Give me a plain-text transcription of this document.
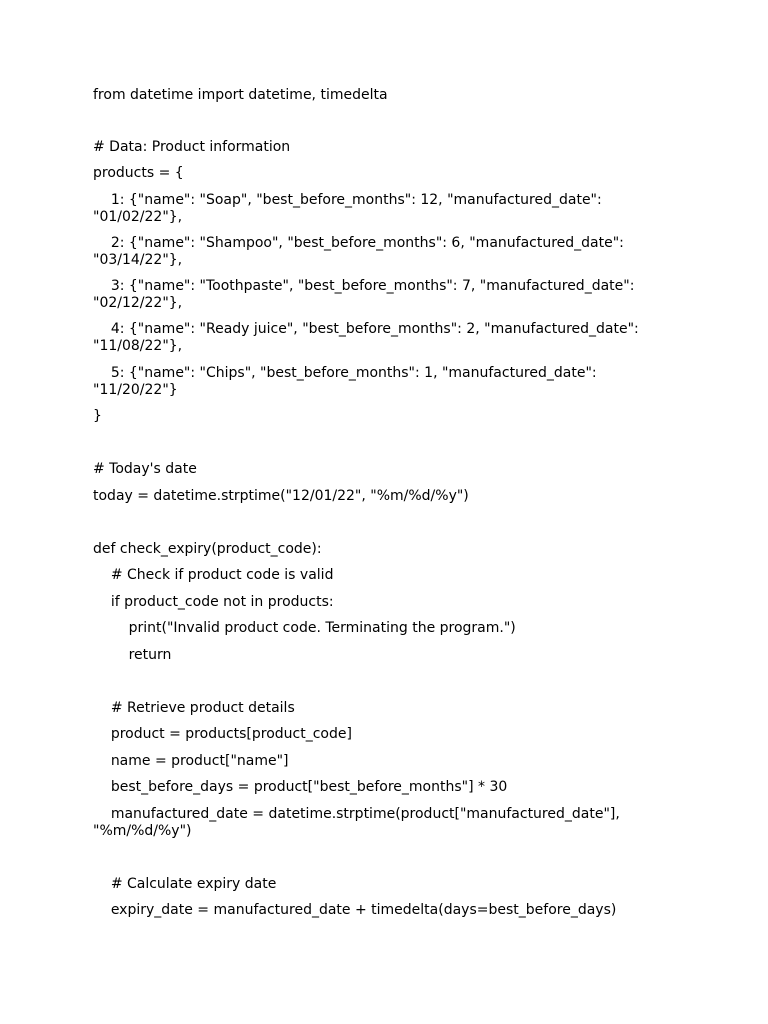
from datetime import datetime, timedelta

# Data: Product information

products = {

1: {"name": "Soap", "best_before_months": 12, "manufactured_date": "01/02/22"},

2: {"name": "Shampoo", "best_before_months": 6, "manufactured_date": "03/14/22"},

3: {"name": "Toothpaste", "best_before_months": 7, "manufactured_date": "02/12/22"},

4: {"name": "Ready juice", "best_before_months": 2, "manufactured_date": "11/08/22"},

5: {"name": "Chips", "best_before_months": 1, "manufactured_date": "11/20/22"}

}

# Today's date

today = datetime.strptime("12/01/22", "%m/%d/%y")

def check_expiry(product_code):

# Check if product code is valid

if product_code not in products:

print("Invalid product code. Terminating the program.")

return

# Retrieve product details

product = products[product_code]

name = product["name"]

best_before_days = product["best_before_months"] * 30

manufactured_date = datetime.strptime(product["manufactured_date"], "%m/%d/%y")

# Calculate expiry date

expiry_date = manufactured_date + timedelta(days=best_before_days)
